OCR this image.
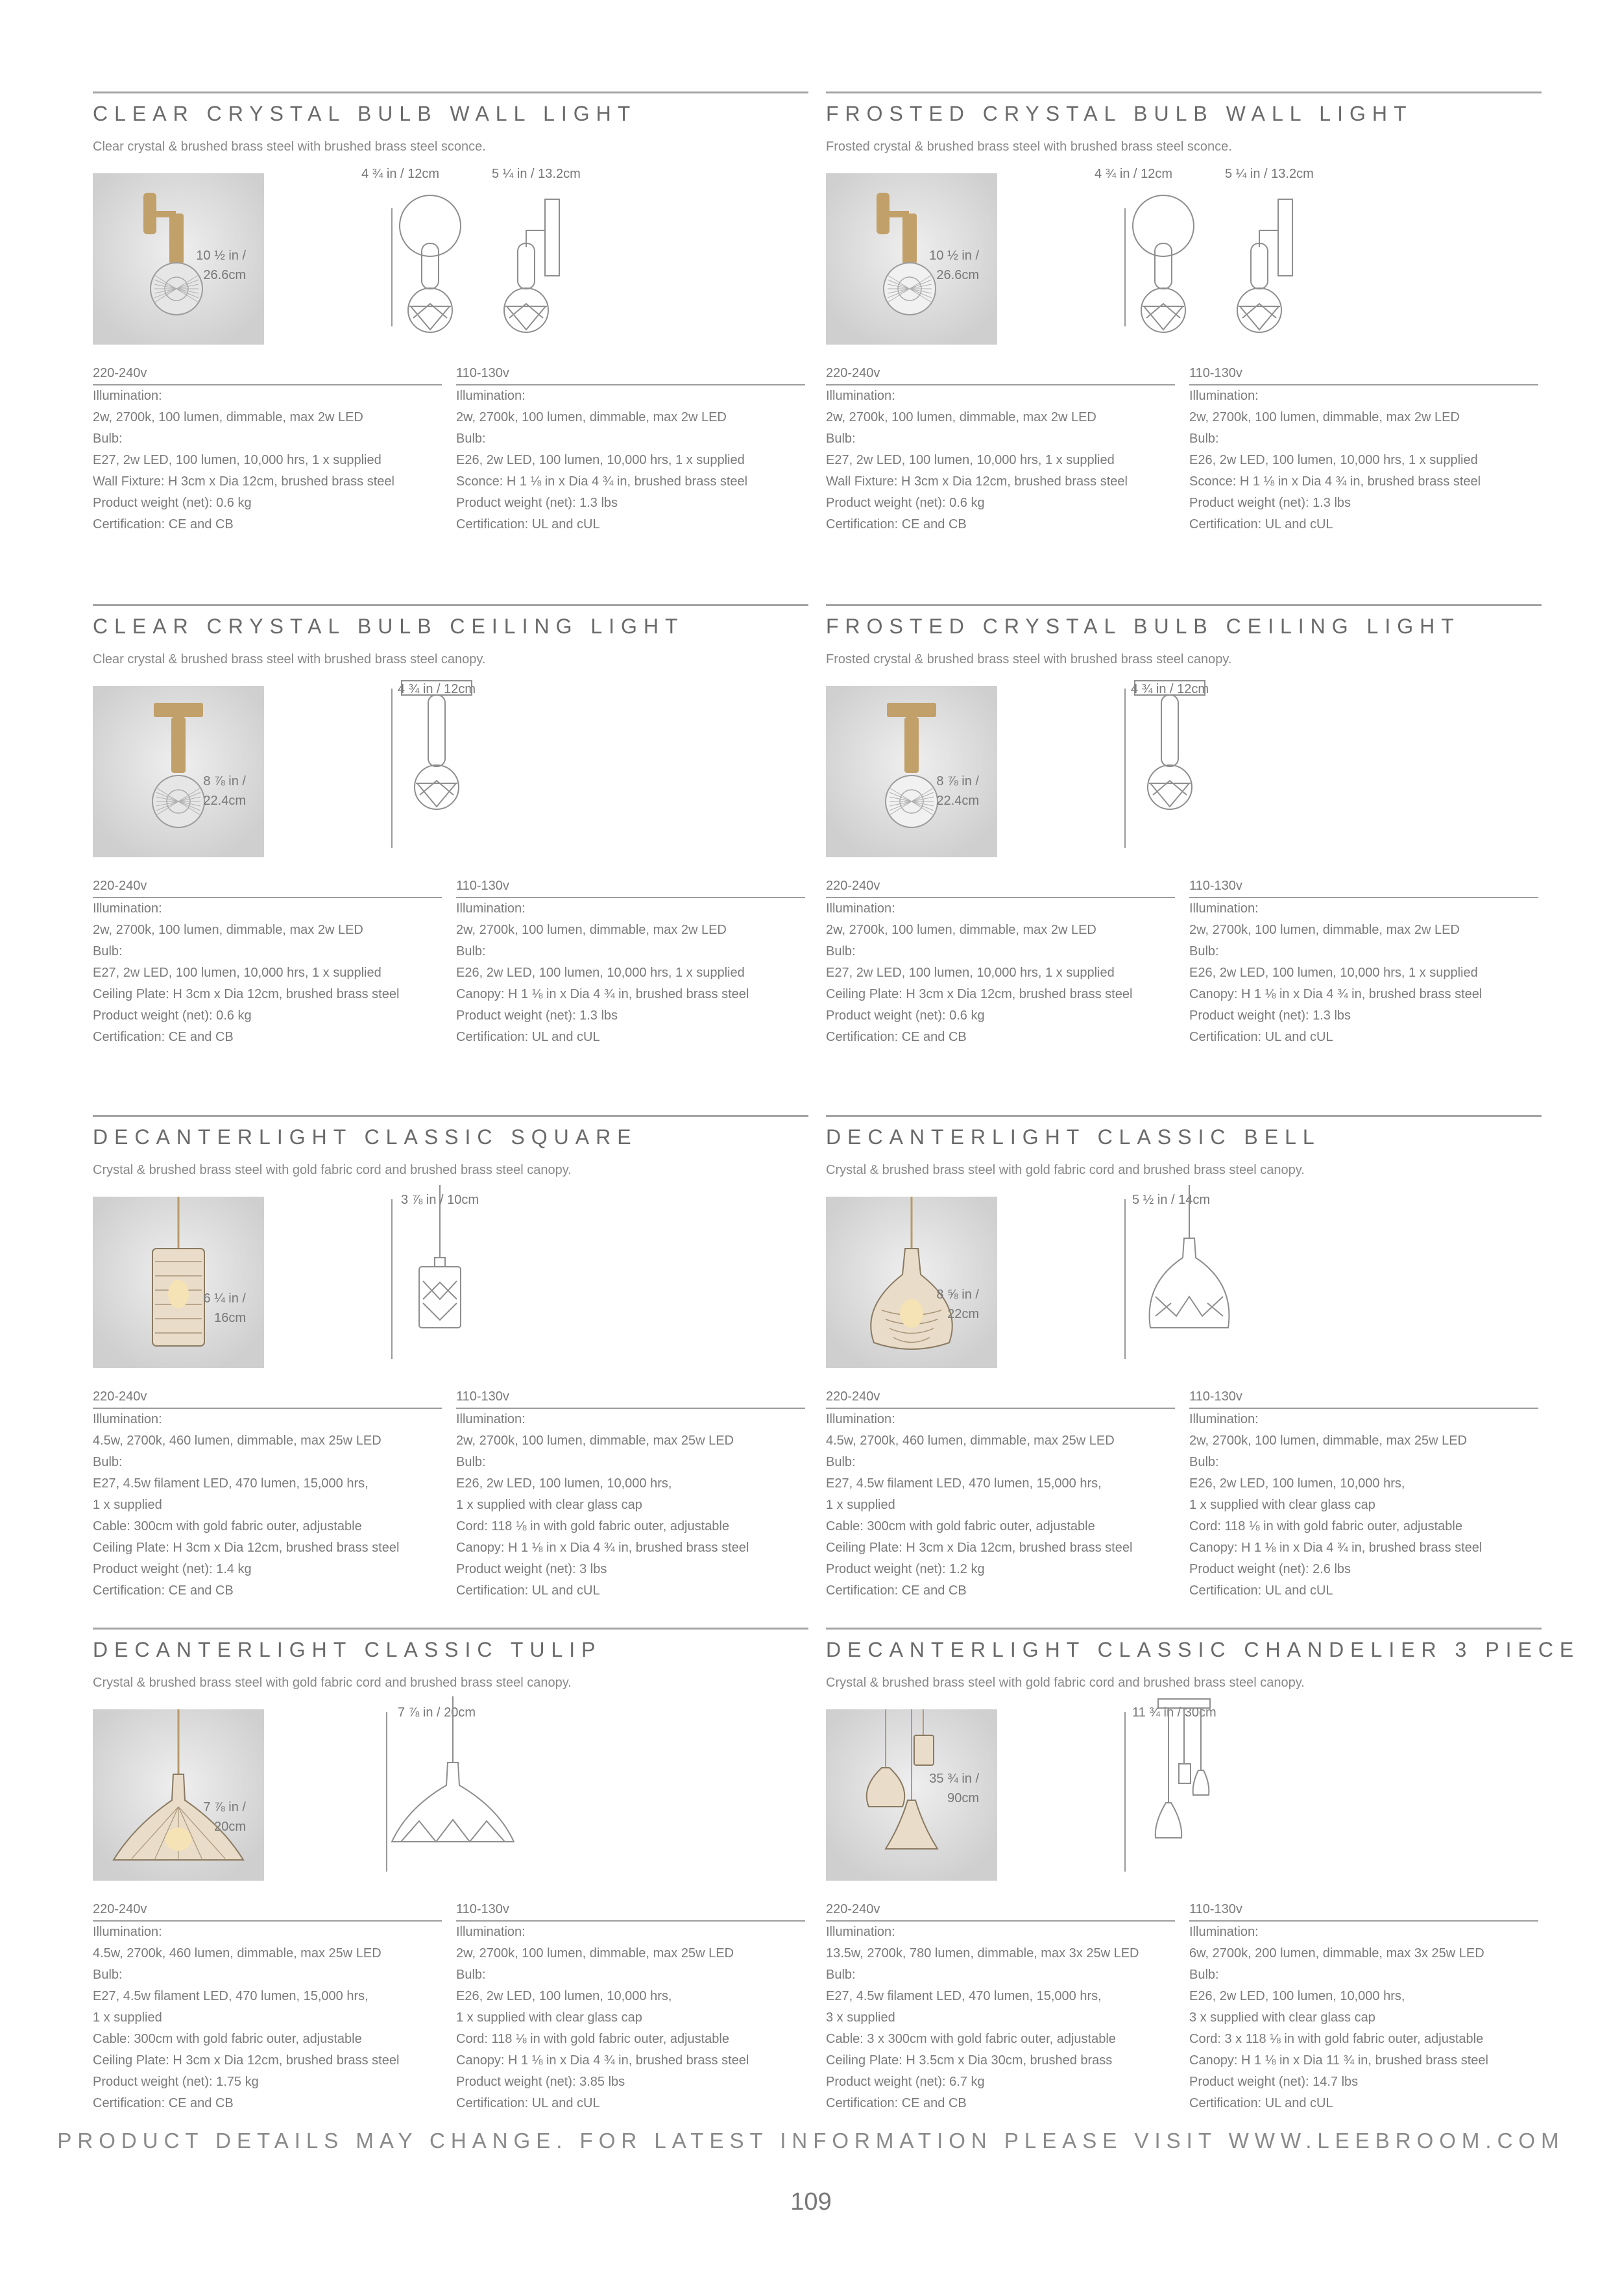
CLEAR CRYSTAL BULB WALL LIGHT
Clear crystal & brushed brass steel with brushed brass steel sconce.
10 ½ in /
26.6cm
4 ¾ in / 12cm	5 ¼ in / 13.2cm
220-240v
Illumination:
2w, 2700k, 100 lumen, dimmable, max 2w LED
Bulb:
E27, 2w LED, 100 lumen, 10,000 hrs, 1 x supplied
Wall Fixture: H 3cm x Dia 12cm, brushed brass steel
Product weight (net): 0.6 kg
Certification: CE and CB
110-130v
Illumination:
2w, 2700k, 100 lumen, dimmable, max 2w LED
Bulb:
E26, 2w LED, 100 lumen, 10,000 hrs, 1 x supplied
Sconce: H 1 ⅛ in x Dia 4 ¾ in, brushed brass steel
Product weight (net): 1.3 lbs
Certification: UL and cUL
FROSTED CRYSTAL BULB WALL LIGHT
Frosted crystal & brushed brass steel with brushed brass steel sconce.
10 ½ in /
26.6cm
4 ¾ in / 12cm	5 ¼ in / 13.2cm
220-240v
Illumination:
2w, 2700k, 100 lumen, dimmable, max 2w LED
Bulb:
E27, 2w LED, 100 lumen, 10,000 hrs, 1 x supplied
Wall Fixture: H 3cm x Dia 12cm, brushed brass steel
Product weight (net): 0.6 kg
Certification: CE and CB
110-130v
Illumination:
2w, 2700k, 100 lumen, dimmable, max 2w LED
Bulb:
E26, 2w LED, 100 lumen, 10,000 hrs, 1 x supplied
Sconce: H 1 ⅛ in x Dia 4 ¾ in, brushed brass steel
Product weight (net): 1.3 lbs
Certification: UL and cUL
CLEAR CRYSTAL BULB CEILING LIGHT
Clear crystal & brushed brass steel with brushed brass steel canopy.
8 ⅞ in /
22.4cm
4 ¾ in / 12cm
220-240v
Illumination:
2w, 2700k, 100 lumen, dimmable, max 2w LED
Bulb:
E27, 2w LED, 100 lumen, 10,000 hrs, 1 x supplied
Ceiling Plate: H 3cm x Dia 12cm, brushed brass steel
Product weight (net): 0.6 kg
Certification: CE and CB
110-130v
Illumination:
2w, 2700k, 100 lumen, dimmable, max 2w LED
Bulb:
E26, 2w LED, 100 lumen, 10,000 hrs, 1 x supplied
Canopy: H 1 ⅛ in x Dia 4 ¾ in, brushed brass steel
Product weight (net): 1.3 lbs
Certification: UL and cUL
FROSTED CRYSTAL BULB CEILING LIGHT
Frosted crystal & brushed brass steel with brushed brass steel canopy.
8 ⅞ in /
22.4cm
4 ¾ in / 12cm
220-240v
Illumination:
2w, 2700k, 100 lumen, dimmable, max 2w LED
Bulb:
E27, 2w LED, 100 lumen, 10,000 hrs, 1 x supplied
Ceiling Plate: H 3cm x Dia 12cm, brushed brass steel
Product weight (net): 0.6 kg
Certification: CE and CB
110-130v
Illumination:
2w, 2700k, 100 lumen, dimmable, max 2w LED
Bulb:
E26, 2w LED, 100 lumen, 10,000 hrs, 1 x supplied
Canopy: H 1 ⅛ in x Dia 4 ¾ in, brushed brass steel
Product weight (net): 1.3 lbs
Certification: UL and cUL
DECANTERLIGHT CLASSIC SQUARE
Crystal & brushed brass steel with gold fabric cord and brushed brass steel canopy.
6 ¼ in /
16cm
3 ⅞ in / 10cm
220-240v
Illumination:
4.5w, 2700k, 460 lumen, dimmable, max 25w LED
Bulb:
E27, 4.5w filament LED, 470 lumen, 15,000 hrs,
1 x supplied
Cable: 300cm with gold fabric outer, adjustable
Ceiling Plate: H 3cm x Dia 12cm, brushed brass steel
Product weight (net): 1.4 kg
Certification: CE and CB
110-130v
Illumination:
2w, 2700k, 100 lumen, dimmable, max 25w LED
Bulb:
E26, 2w LED, 100 lumen, 10,000 hrs,
1 x supplied with clear glass cap
Cord: 118 ⅛ in with gold fabric outer, adjustable
Canopy: H 1 ⅛ in x Dia 4 ¾ in, brushed brass steel
Product weight (net): 3 lbs
Certification: UL and cUL
DECANTERLIGHT CLASSIC BELL
Crystal & brushed brass steel with gold fabric cord and brushed brass steel canopy.
8 ⅝ in /
22cm
5 ½ in / 14cm
220-240v
Illumination:
4.5w, 2700k, 460 lumen, dimmable, max 25w LED
Bulb:
E27, 4.5w filament LED, 470 lumen, 15,000 hrs,
1 x supplied
Cable: 300cm with gold fabric outer, adjustable
Ceiling Plate: H 3cm x Dia 12cm, brushed brass steel
Product weight (net): 1.2 kg
Certification: CE and CB
110-130v
Illumination:
2w, 2700k, 100 lumen, dimmable, max 25w LED
Bulb:
E26, 2w LED, 100 lumen, 10,000 hrs,
1 x supplied with clear glass cap
Cord: 118 ⅛ in with gold fabric outer, adjustable
Canopy: H 1 ⅛ in x Dia 4 ¾ in, brushed brass steel
Product weight (net): 2.6 lbs
Certification: UL and cUL
DECANTERLIGHT CLASSIC TULIP
Crystal & brushed brass steel with gold fabric cord and brushed brass steel canopy.
7 ⅞ in /
20cm
7 ⅞ in / 20cm
220-240v
Illumination:
4.5w, 2700k, 460 lumen, dimmable, max 25w LED
Bulb:
E27, 4.5w filament LED, 470 lumen, 15,000 hrs,
1 x supplied
Cable: 300cm with gold fabric outer, adjustable
Ceiling Plate: H 3cm x Dia 12cm, brushed brass steel
Product weight (net): 1.75 kg
Certification: CE and CB
110-130v
Illumination:
2w, 2700k, 100 lumen, dimmable, max 25w LED
Bulb:
E26, 2w LED, 100 lumen, 10,000 hrs,
1 x supplied with clear glass cap
Cord: 118 ⅛ in with gold fabric outer, adjustable
Canopy: H 1 ⅛ in x Dia 4 ¾ in, brushed brass steel
Product weight (net): 3.85 lbs
Certification: UL and cUL
DECANTERLIGHT CLASSIC CHANDELIER 3 PIECE
Crystal & brushed brass steel with gold fabric cord and brushed brass steel canopy.
35 ¾ in /
90cm
11 ¾ in / 30cm
220-240v
Illumination:
13.5w, 2700k, 780 lumen, dimmable, max 3x 25w LED
Bulb:
E27, 4.5w filament LED, 470 lumen, 15,000 hrs,
3 x supplied
Cable: 3 x 300cm with gold fabric outer, adjustable
Ceiling Plate: H 3.5cm x Dia 30cm, brushed brass
Product weight (net): 6.7 kg
Certification: CE and CB
110-130v
Illumination:
6w, 2700k, 200 lumen, dimmable, max 3x 25w LED
Bulb:
E26, 2w LED, 100 lumen, 10,000 hrs,
3 x supplied with clear glass cap
Cord: 3 x 118 ⅛ in with gold fabric outer, adjustable
Canopy: H 1 ⅛ in x Dia 11 ¾ in, brushed brass steel
Product weight (net): 14.7 lbs
Certification: UL and cUL
PRODUCT DETAILS MAY CHANGE. FOR LATEST INFORMATION PLEASE VISIT WWW.LEEBROOM.COM
109
